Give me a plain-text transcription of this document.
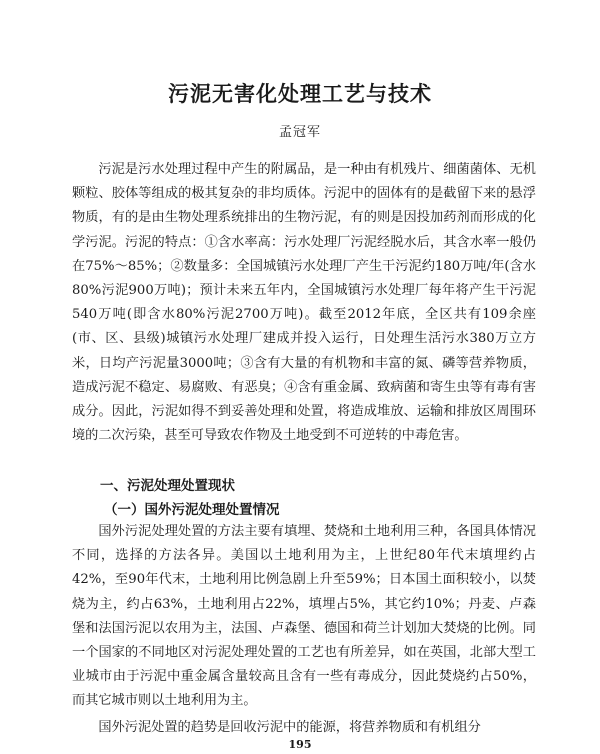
污泥无害化处理工艺与技术
孟冠军

污泥是污水处理过程中产生的附属品，是一种由有机残片、细菌菌体、无机颗粒、胶体等组成的极其复杂的非均质体。污泥中的固体有的是截留下来的悬浮物质，有的是由生物处理系统排出的生物污泥，有的则是因投加药剂而形成的化学污泥。污泥的特点：①含水率高：污水处理厂污泥经脱水后，其含水率一般仍在75%～85%；②数量多：全国城镇污水处理厂产生干污泥约180万吨/年(含水80%污泥900万吨)；预计未来五年内，全国城镇污水处理厂每年将产生干污泥540万吨(即含水80%污泥2700万吨)。截至2012年底，全区共有109余座(市、区、县级)城镇污水处理厂建成并投入运行，日处理生活污水380万立方米，日均产污泥量3000吨；③含有大量的有机物和丰富的氮、磷等营养物质，造成污泥不稳定、易腐败、有恶臭；④含有重金属、致病菌和寄生虫等有毒有害成分。因此，污泥如得不到妥善处理和处置，将造成堆放、运输和排放区周围环境的二次污染，甚至可导致农作物及土地受到不可逆转的中毒危害。

一、污泥处理处置现状
（一）国外污泥处理处置情况

国外污泥处理处置的方法主要有填埋、焚烧和土地利用三种，各国具体情况不同，选择的方法各异。美国以土地利用为主，上世纪80年代末填埋约占42%，至90年代末，土地利用比例急剧上升至59%；日本国土面积较小，以焚烧为主，约占63%，土地利用占22%，填埋占5%，其它约10%；丹麦、卢森堡和法国污泥以农用为主，法国、卢森堡、德国和荷兰计划加大焚烧的比例。同一个国家的不同地区对污泥处理处置的工艺也有所差异，如在英国，北部大型工业城市由于污泥中重金属含量较高且含有一些有毒成分，因此焚烧约占50%，而其它城市则以土地利用为主。

国外污泥处置的趋势是回收污泥中的能源，将营养物质和有机组分

195
